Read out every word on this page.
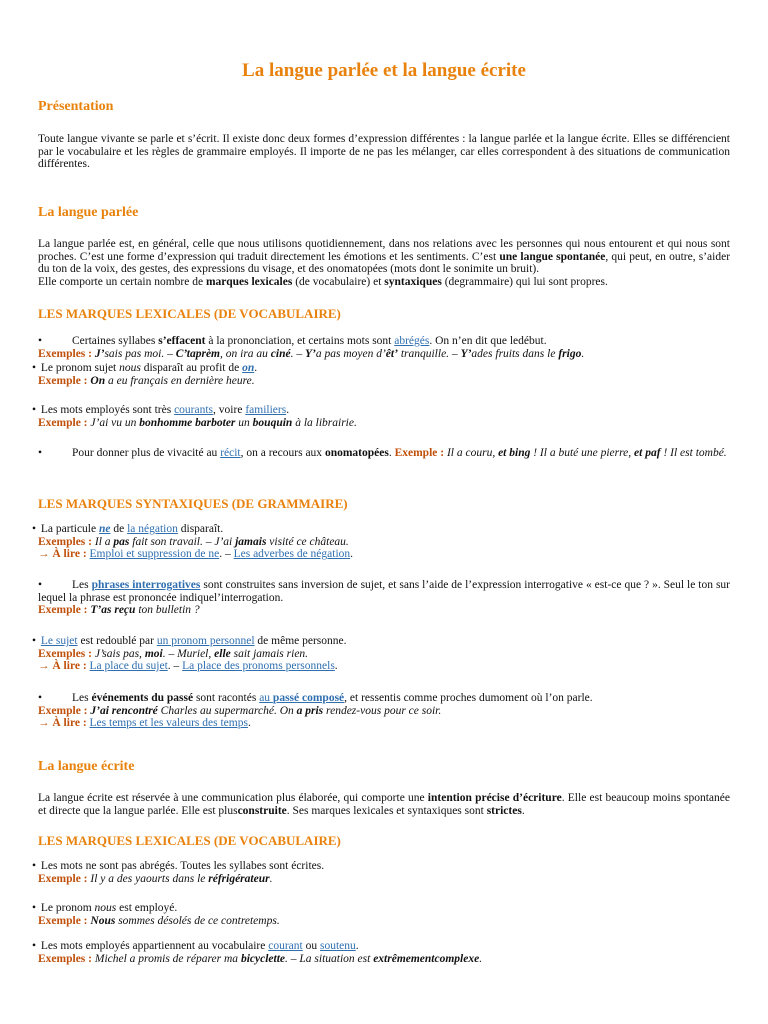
La langue parlée et la langue écrite
Présentation

Toute langue vivante se parle et s’écrit. Il existe donc deux formes d’expression différentes : la langue parlée et la langue écrite. Elles se différencient par le vocabulaire et les règles de grammaire employés. Il importe de ne pas les mélanger, car elles correspondent à des situations de communication différentes.

La langue parlée

La langue parlée est, en général, celle que nous utilisons quotidiennement, dans nos relations avec les personnes qui nous entourent et qui nous sont proches. C’est une forme d’expression qui traduit directement les émotions et les sentiments. C’est une langue spontanée, qui peut, en outre, s’aider du ton de la voix, des gestes, des expressions du visage, et des onomatopées (mots dont le sonimite un bruit).
Elle comporte un certain nombre de marques lexicales (de vocabulaire) et syntaxiques (degrammaire) qui lui sont propres.

LES MARQUES LEXICALES (DE VOCABULAIRE)
•	Certaines syllabes s’effacent à la prononciation, et certains mots sont abrégés. On n’en dit que ledébut.
Exemples : J’sais pas moi. – C’taprèm, on ira au ciné. – Y’a pas moyen d’êt’ tranquille. – Y’ades fruits dans le frigo.
• Le pronom sujet nous disparaît au profit de on.
Exemple : On a eu français en dernière heure.
• Les mots employés sont très courants, voire familiers.
Exemple : J’ai vu un bonhomme barboter un bouquin à la librairie.
•	Pour donner plus de vivacité au récit, on a recours aux onomatopées. Exemple : Il a couru, et bing ! Il a buté une pierre, et paf ! Il est tombé.
LES MARQUES SYNTAXIQUES (DE GRAMMAIRE)
• La particule ne de la négation disparaît.
Exemples : Il a pas fait son travail. – J’ai jamais visité ce château.
→ À lire : Emploi et suppression de ne. – Les adverbes de négation.
•	Les phrases interrogatives sont construites sans inversion de sujet, et sans l’aide de l’expression interrogative « est-ce que ? ». Seul le ton sur lequel la phrase est prononcée indiquel’interrogation.
Exemple : T’as reçu ton bulletin ?
• Le sujet est redoublé par un pronom personnel de même personne.
Exemples : J’sais pas, moi. – Muriel, elle sait jamais rien.
→ À lire : La place du sujet. – La place des pronoms personnels.
•	Les événements du passé sont racontés au passé composé, et ressentis comme proches dumoment où l’on parle.
Exemple : J’ai rencontré Charles au supermarché. On a pris rendez-vous pour ce soir.
→ À lire : Les temps et les valeurs des temps.
La langue écrite

La langue écrite est réservée à une communication plus élaborée, qui comporte une intention précise d’écriture. Elle est beaucoup moins spontanée et directe que la langue parlée. Elle est plusconstruite. Ses marques lexicales et syntaxiques sont strictes.

LES MARQUES LEXICALES (DE VOCABULAIRE)
• Les mots ne sont pas abrégés. Toutes les syllabes sont écrites.
Exemple : Il y a des yaourts dans le réfrigérateur.
• Le pronom nous est employé.
Exemple : Nous sommes désolés de ce contretemps.
• Les mots employés appartiennent au vocabulaire courant ou soutenu.
Exemples : Michel a promis de réparer ma bicyclette. – La situation est extrêmementcomplexe.
